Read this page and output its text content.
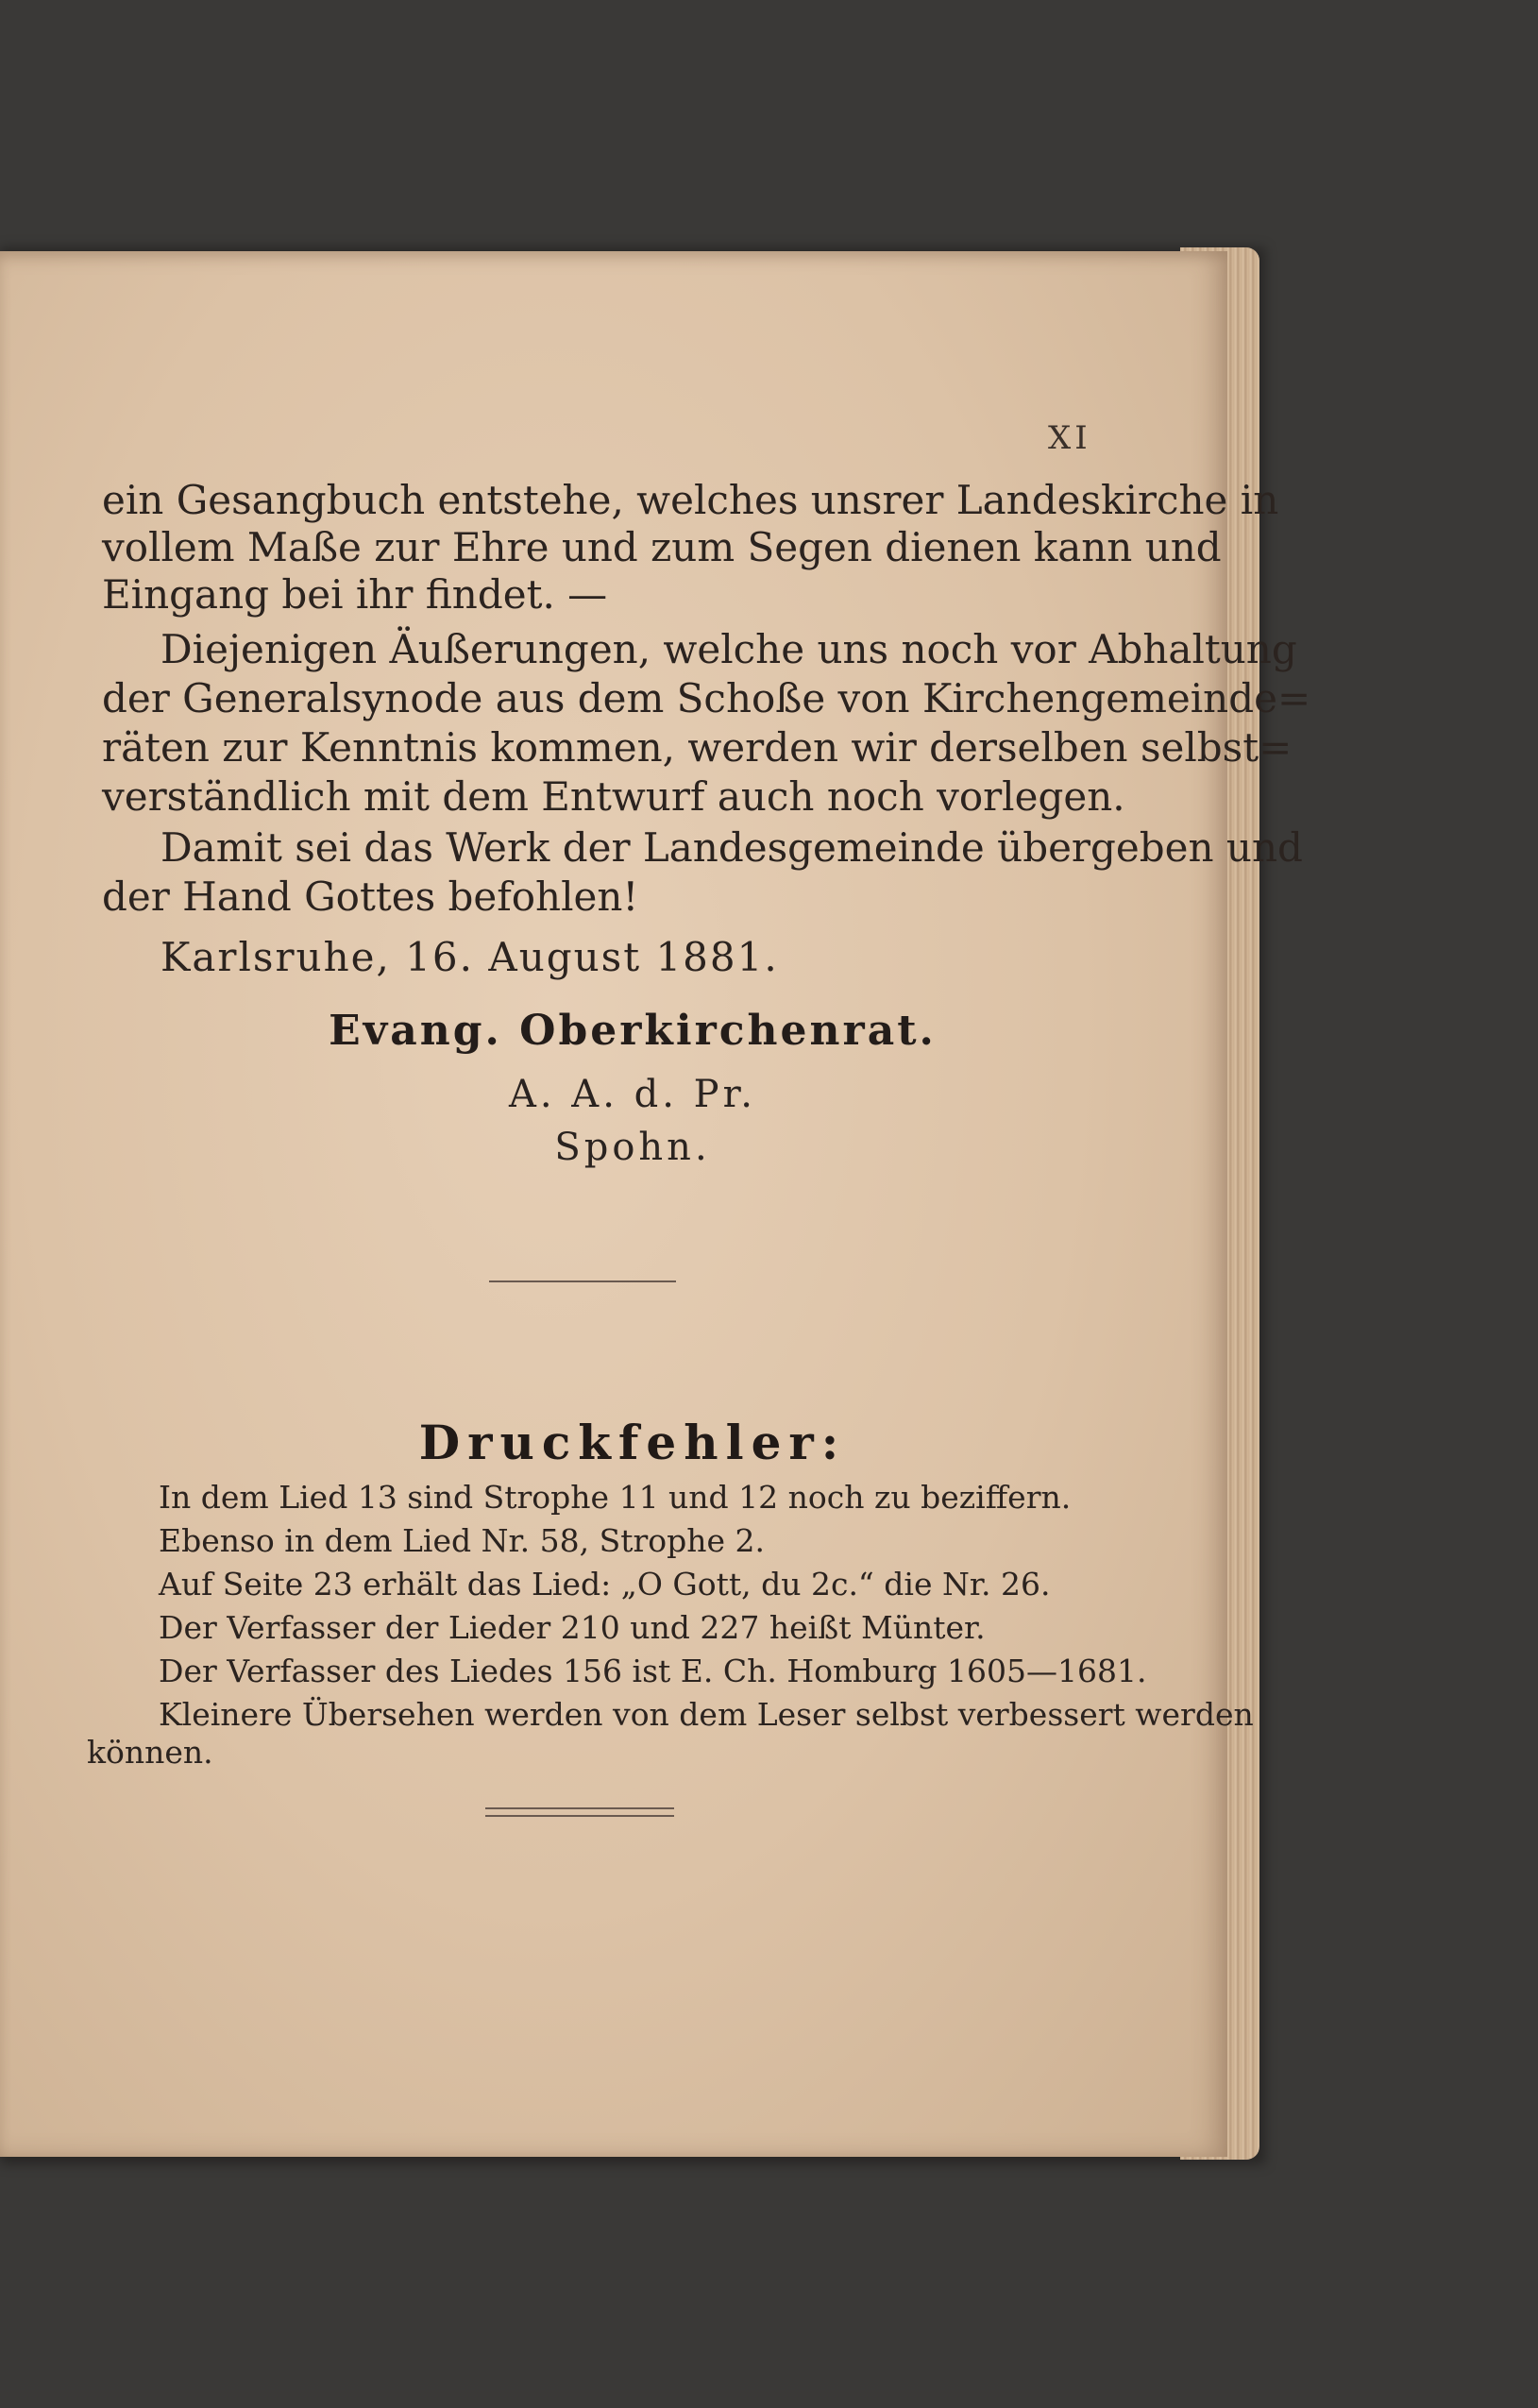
XI
ein Gesangbuch entstehe, welches unsrer Landeskirche in
vollem Maße zur Ehre und zum Segen dienen kann und
Eingang bei ihr findet. —
Diejenigen Äußerungen, welche uns noch vor Abhaltung
der Generalsynode aus dem Schoße von Kirchengemeinde=
räten zur Kenntnis kommen, werden wir derselben selbst=
verständlich mit dem Entwurf auch noch vorlegen.
Damit sei das Werk der Landesgemeinde übergeben und
der Hand Gottes befohlen!
Karlsruhe, 16. August 1881.
Evang. Oberkirchenrat.
A. A. d. Pr.
Spohn.
Druckfehler:
In dem Lied 13 sind Strophe 11 und 12 noch zu beziffern.
Ebenso in dem Lied Nr. 58, Strophe 2.
Auf Seite 23 erhält das Lied: „O Gott, du 2c.“ die Nr. 26.
Der Verfasser der Lieder 210 und 227 heißt Münter.
Der Verfasser des Liedes 156 ist E. Ch. Homburg 1605—1681.
Kleinere Übersehen werden von dem Leser selbst verbessert werden
können.
